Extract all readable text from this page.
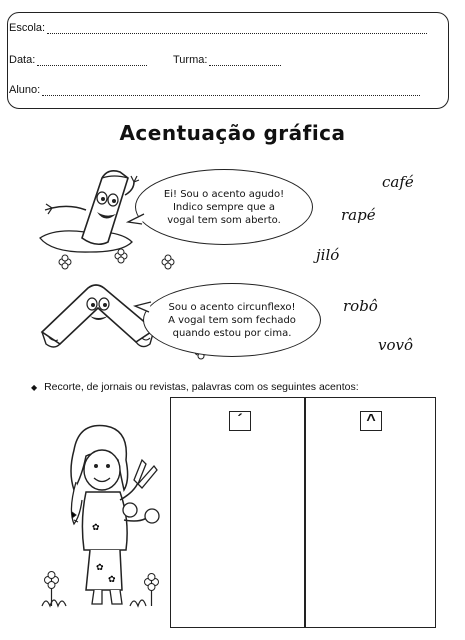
Escola:
Data:	Turma:
Aluno:
Acentuação gráfica
Ei! Sou o acento agudo!
Indico sempre que a
vogal tem som aberto.
Sou o acento circunflexo!
A vogal tem som fechado
quando estou por cima.
café
rapé
jiló
robô
vovô
◆ Recorte, de jornais ou revistas, palavras com os seguintes acentos:
✿
✿
✿
´	^
